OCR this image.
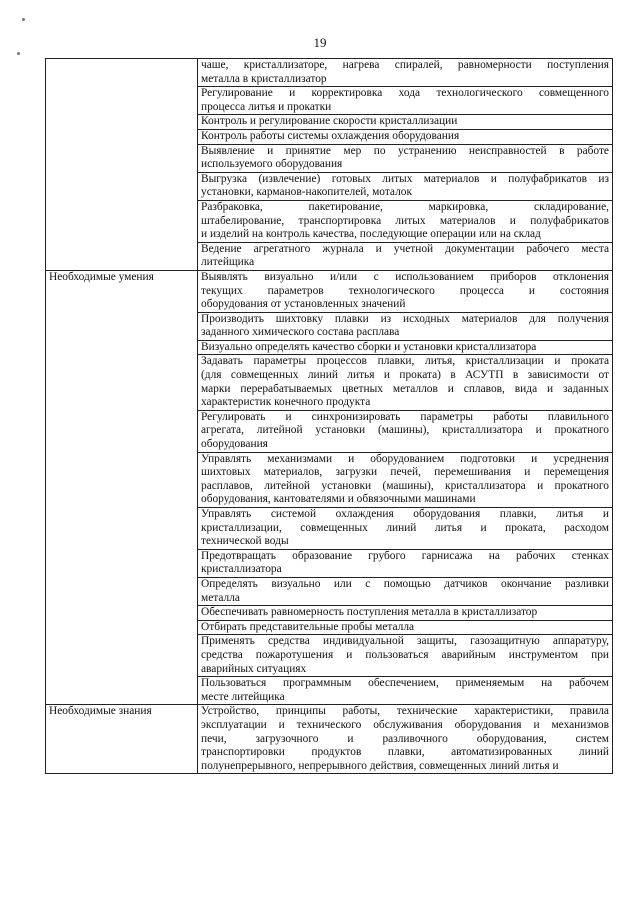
19

	чаше, кристаллизаторе, нагрева спиралей, равномерности поступления
металла в кристаллизатор

	Регулирование и корректировка хода технологического совмещенного
процесса литья и прокатки

	Контроль и регулирование скорости кристаллизации

	Контроль работы системы охлаждения оборудования

	Выявление и принятие мер по устранению неисправностей в работе
используемого оборудования

	Выгрузка (извлечение) готовых литых материалов и полуфабрикатов из
установки, карманов-накопителей, моталок

	Разбраковка, пакетирование, маркировка, складирование,
штабелирование, транспортировка литых материалов и полуфабрикатов
и изделий на контроль качества, последующие операции или на склад

	Ведение агрегатного журнала и учетной документации рабочего места
литейщика

Необходимые умения	Выявлять визуально и/или с использованием приборов отклонения
текущих параметров технологического процесса и состояния
оборудования от установленных значений

	Производить шихтовку плавки из исходных материалов для получения
заданного химического состава расплава

	Визуально определять качество сборки и установки кристаллизатора

	Задавать параметры процессов плавки, литья, кристаллизации и проката
(для совмещенных линий литья и проката) в АСУТП в зависимости от
марки перерабатываемых цветных металлов и сплавов, вида и заданных
характеристик конечного продукта

	Регулировать и синхронизировать параметры работы плавильного
агрегата, литейной установки (машины), кристаллизатора и прокатного
оборудования

	Управлять механизмами и оборудованием подготовки и усреднения
шихтовых материалов, загрузки печей, перемешивания и перемещения
расплавов, литейной установки (машины), кристаллизатора и прокатного
оборудования, кантователями и обвязочными машинами

	Управлять системой охлаждения оборудования плавки, литья и
кристаллизации, совмещенных линий литья и проката, расходом
технической воды

	Предотвращать образование грубого гарнисажа на рабочих стенках
кристаллизатора

	Определять визуально или с помощью датчиков окончание разливки
металла

	Обеспечивать равномерность поступления металла в кристаллизатор

	Отбирать представительные пробы металла

	Применять средства индивидуальной защиты, газозащитную аппаратуру,
средства пожаротушения и пользоваться аварийным инструментом при
аварийных ситуациях

	Пользоваться программным обеспечением, применяемым на рабочем
месте литейщика

Необходимые знания	Устройство, принципы работы, технические характеристики, правила
эксплуатации и технического обслуживания оборудования и механизмов
печи, загрузочного и разливочного оборудования, систем
транспортировки продуктов плавки, автоматизированных линий
полунепрерывного, непрерывного действия, совмещенных линий литья и
